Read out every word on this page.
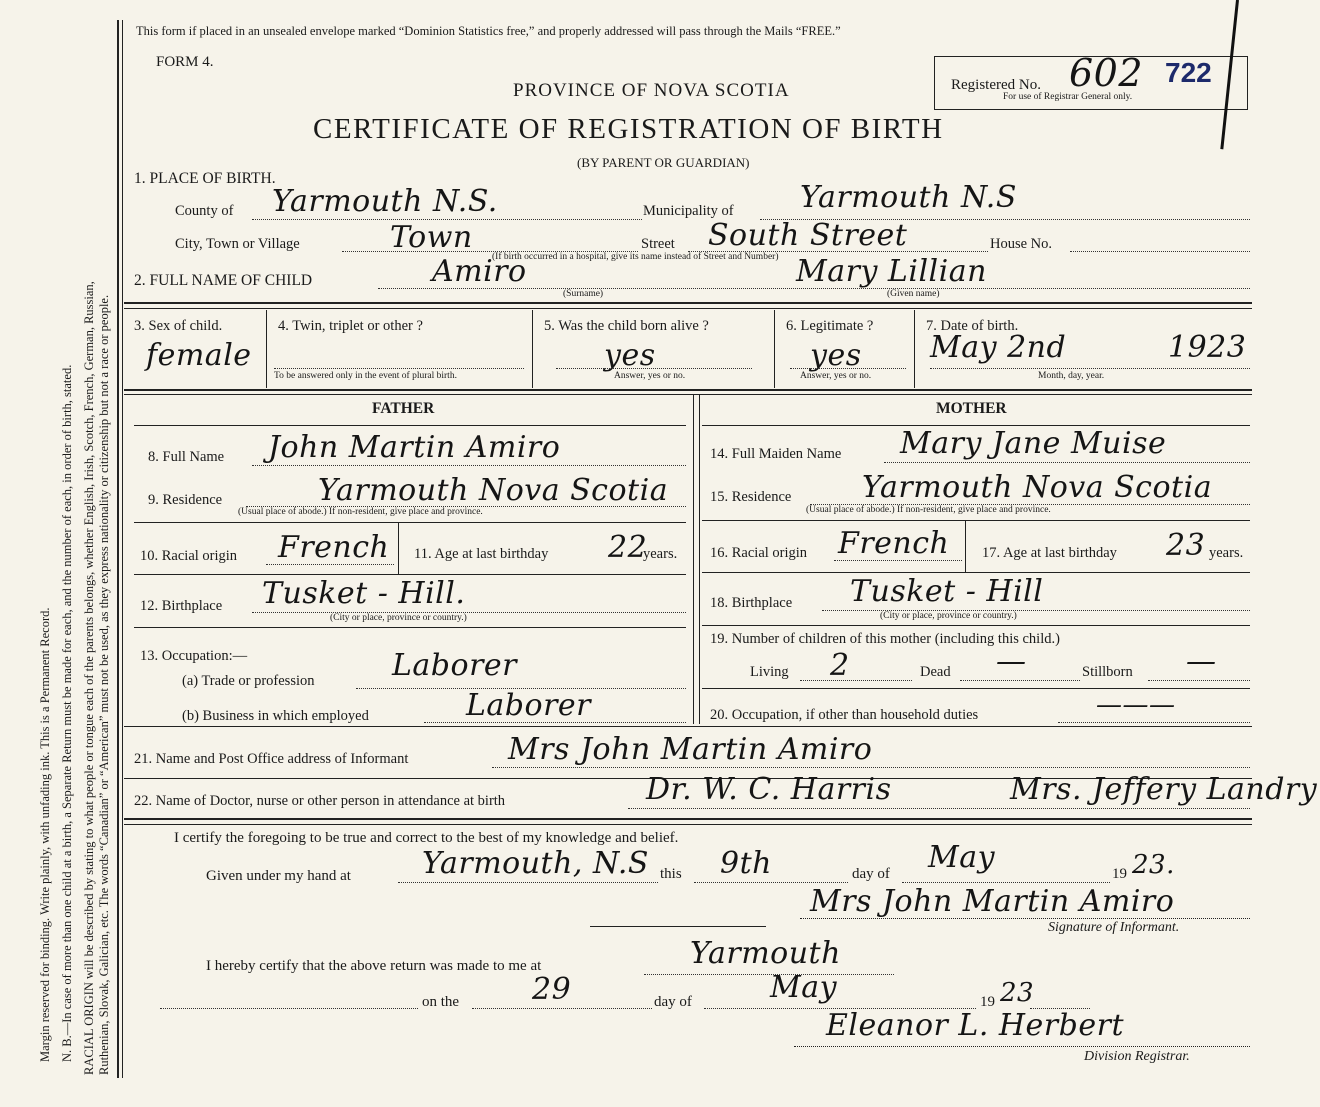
Margin reserved for binding. Write plainly, with unfading ink. This is a Permanent Record. N. B.—In case of more than one child at a birth, a Separate Return must be made for each, and the number of each, in order of birth, stated. RACIAL ORIGIN will be described by stating to what people or tongue each of the parents belongs, whether English, Irish, Scotch, French, German, Russian, Ruthenian, Slovak, Galician, etc. The words “Canadian” or “American” must not be used, as they express nationality or citizenship but not a race or people.
This form if placed in an unsealed envelope marked “Dominion Statistics free,” and properly addressed will pass through the Mails “FREE.”
FORM 4.
PROVINCE OF NOVA SCOTIA
CERTIFICATE OF REGISTRATION OF BIRTH
(BY PARENT OR GUARDIAN)
Registered No. 602 722
For use of Registrar General only.
1. PLACE OF BIRTH.
County of Yarmouth N.S.	Municipality of Yarmouth N.S
City, Town or Village	Town	Street South Street	House No.
(If birth occurred in a hospital, give its name instead of Street and Number)
2. FULL NAME OF CHILD	Amiro
(Surname)
Mary Lillian
(Given name)
3. Sex of child.
female
4. Twin, triplet or other ?
To be answered only in the event of plural birth.
5. Was the child born alive ?
yes
Answer, yes or no.
6. Legitimate ?
yes
Answer, yes or no.
7. Date of birth.
May 2nd	1923
Month, day, year.
FATHER
8. Full Name John Martin Amiro
9. Residence	Yarmouth Nova Scotia
(Usual place of abode.) If non-resident, give place and province.
10. Racial origin French 11. Age at last birthday 22
years.
12. Birthplace Tusket - Hill.
(City or place, province or country.)
13. Occupation:—
(a) Trade or profession	Laborer
(b) Business in which employed	Laborer
MOTHER
14. Full Maiden Name Mary Jane Muise
15. Residence Yarmouth Nova Scotia
(Usual place of abode.) If non-resident, give place and province.
16. Racial origin French 17. Age at last birthday 23 years.
18. Birthplace Tusket - Hill
(City or place, province or country.)
19. Number of children of this mother (including this child.)
Living 2	Dead —	Stillborn —
20. Occupation, if other than household duties	———
21. Name and Post Office address of Informant	Mrs John Martin Amiro
22. Name of Doctor, nurse or other person in attendance at birth	Dr. W. C. Harris	Mrs. Jeffery Landry
I certify the foregoing to be true and correct to the best of my knowledge and belief.
Given under my hand at Yarmouth, N.S this 9th	day of May	19 23.
Mrs John Martin Amiro
Signature of Informant.
I hereby certify that the above return was made to me at	Yarmouth
on the 29	day of	May	19 23
Eleanor L. Herbert
Division Registrar.
